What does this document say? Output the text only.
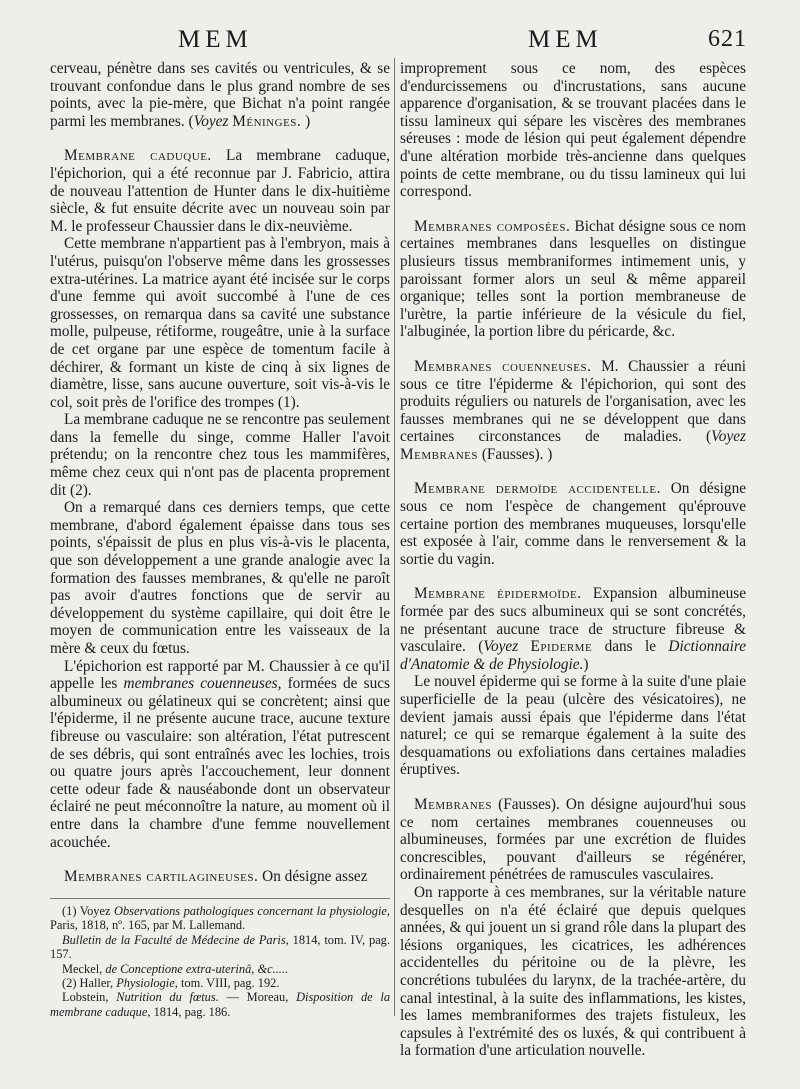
MEM	MEM	621

cerveau, pénètre dans ses cavités ou ventricules, & se trouvant confondue dans le plus grand nombre de ses points, avec la pie-mère, que Bichat n'a point rangée parmi les membranes. (Voyez Méninges. )

Membrane caduque. La membrane caduque, l'épichorion, qui a été reconnue par J. Fabricio, attira de nouveau l'attention de Hunter dans le dix-huitième siècle, & fut ensuite décrite avec un nouveau soin par M. le professeur Chaussier dans le dix-neuvième.

Cette membrane n'appartient pas à l'embryon, mais à l'utérus, puisqu'on l'observe même dans les grossesses extra-utérines. La matrice ayant été incisée sur le corps d'une femme qui avoit succombé à l'une de ces grossesses, on remarqua dans sa cavité une substance molle, pulpeuse, rétiforme, rougeâtre, unie à la surface de cet organe par une espèce de tomentum facile à déchirer, & formant un kiste de cinq à six lignes de diamètre, lisse, sans aucune ouverture, soit vis-à-vis le col, soit près de l'orifice des trompes (1).

La membrane caduque ne se rencontre pas seulement dans la femelle du singe, comme Haller l'avoit prétendu; on la rencontre chez tous les mammifères, même chez ceux qui n'ont pas de placenta proprement dit (2).

On a remarqué dans ces derniers temps, que cette membrane, d'abord également épaisse dans tous ses points, s'épaissit de plus en plus vis-à-vis le placenta, que son développement a une grande analogie avec la formation des fausses membranes, & qu'elle ne paroît pas avoir d'autres fonctions que de servir au développement du système capillaire, qui doit être le moyen de communication entre les vaisseaux de la mère & ceux du fœtus.

L'épichorion est rapporté par M. Chaussier à ce qu'il appelle les membranes couenneuses, formées de sucs albumineux ou gélatineux qui se concrètent; ainsi que l'épiderme, il ne présente aucune trace, aucune texture fibreuse ou vasculaire: son altération, l'état putrescent de ses débris, qui sont entraînés avec les lochies, trois ou quatre jours après l'accouchement, leur donnent cette odeur fade & nauséabonde dont un observateur éclairé ne peut méconnoître la nature, au moment où il entre dans la chambre d'une femme nouvellement acouchée.

Membranes cartilagineuses. On désigne assez

(1) Voyez Observations pathologiques concernant la physiologie, Paris, 1818, nº. 165, par M. Lallemand.

Bulletin de la Faculté de Médecine de Paris, 1814, tom. IV, pag. 157.

Meckel, de Conceptione extra-uterinâ, &c.....

(2) Haller, Physiologie, tom. VIII, pag. 192.

Lobstein, Nutrition du fœtus. — Moreau, Disposition de la membrane caduque, 1814, pag. 186.

improprement sous ce nom, des espèces d'endurcissemens ou d'incrustations, sans aucune apparence d'organisation, & se trouvant placées dans le tissu lamineux qui sépare les viscères des membranes séreuses : mode de lésion qui peut également dépendre d'une altération morbide très-ancienne dans quelques points de cette membrane, ou du tissu lamineux qui lui correspond.

Membranes composées. Bichat désigne sous ce nom certaines membranes dans lesquelles on distingue plusieurs tissus membraniformes intimement unis, y paroissant former alors un seul & même appareil organique; telles sont la portion membraneuse de l'urètre, la partie inférieure de la vésicule du fiel, l'albuginée, la portion libre du péricarde, &c.

Membranes couenneuses. M. Chaussier a réuni sous ce titre l'épiderme & l'épichorion, qui sont des produits réguliers ou naturels de l'organisation, avec les fausses membranes qui ne se développent que dans certaines circonstances de maladies. (Voyez Membranes (Fausses). )

Membrane dermoïde accidentelle. On désigne sous ce nom l'espèce de changement qu'éprouve certaine portion des membranes muqueuses, lorsqu'elle est exposée à l'air, comme dans le renversement & la sortie du vagin.

Membrane épidermoïde. Expansion albumineuse formée par des sucs albumineux qui se sont concrétés, ne présentant aucune trace de structure fibreuse & vasculaire. (Voyez Epiderme dans le Dictionnaire d'Anatomie & de Physiologie.)

Le nouvel épiderme qui se forme à la suite d'une plaie superficielle de la peau (ulcère des vésicatoires), ne devient jamais aussi épais que l'épiderme dans l'état naturel; ce qui se remarque également à la suite des desquamations ou exfoliations dans certaines maladies éruptives.

Membranes (Fausses). On désigne aujourd'hui sous ce nom certaines membranes couenneuses ou albumineuses, formées par une excrétion de fluides concrescibles, pouvant d'ailleurs se régénérer, ordinairement pénétrées de ramuscules vasculaires.

On rapporte à ces membranes, sur la véritable nature desquelles on n'a été éclairé que depuis quelques années, & qui jouent un si grand rôle dans la plupart des lésions organiques, les cicatrices, les adhérences accidentelles du péritoine ou de la plèvre, les concrétions tubulées du larynx, de la trachée-artère, du canal intestinal, à la suite des inflammations, les kistes, les lames membraniformes des trajets fistuleux, les capsules à l'extrémité des os luxés, & qui contribuent à la formation d'une articulation nouvelle.
